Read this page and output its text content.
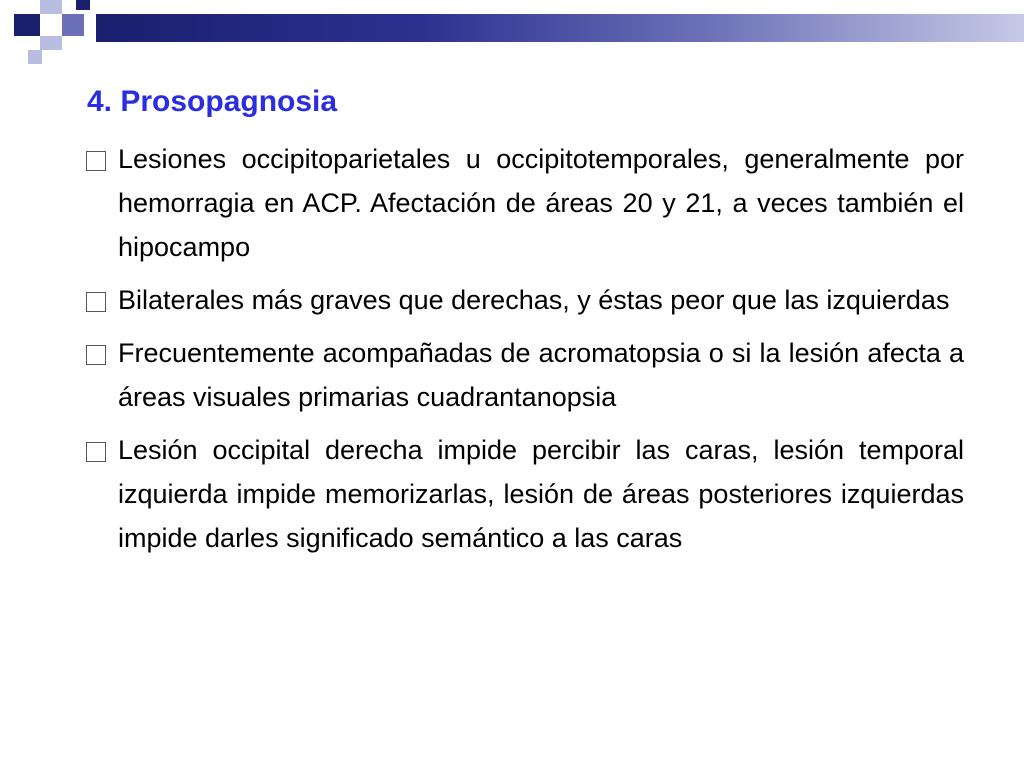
4. Prosopagnosia
Lesiones occipitoparietales u occipitotemporales, generalmente por hemorragia en ACP. Afectación de áreas 20 y 21, a veces también el hipocampo
Bilaterales más graves que derechas, y éstas peor que las izquierdas
Frecuentemente acompañadas de acromatopsia o si la lesión afecta a áreas visuales primarias cuadrantanopsia
Lesión occipital derecha impide percibir las caras, lesión temporal izquierda impide memorizarlas, lesión de áreas posteriores izquierdas impide darles significado semántico a las caras
